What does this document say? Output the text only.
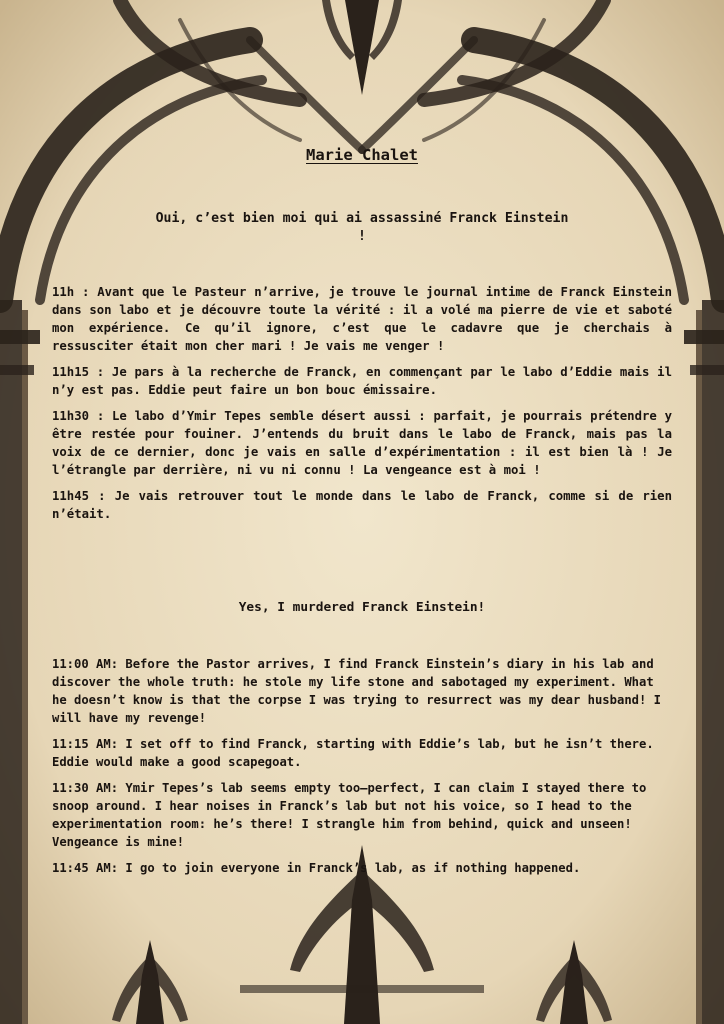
Marie Chalet

Oui, c’est bien moi qui ai assassiné Franck Einstein !

11h : Avant que le Pasteur n’arrive, je trouve le journal intime de Franck Einstein dans son labo et je découvre toute la vérité : il a volé ma pierre de vie et saboté mon expérience. Ce qu’il ignore, c’est que le cadavre que je cherchais à ressusciter était mon cher mari ! Je vais me venger !

11h15 : Je pars à la recherche de Franck, en commençant par le labo d’Eddie mais il n’y est pas. Eddie peut faire un bon bouc émissaire.

11h30 : Le labo d’Ymir Tepes semble désert aussi : parfait, je pourrais prétendre y être restée pour fouiner. J’entends du bruit dans le labo de Franck, mais pas la voix de ce dernier, donc je vais en salle d’expérimentation : il est bien là ! Je l’étrangle par derrière, ni vu ni connu ! La vengeance est à moi !

11h45 : Je vais retrouver tout le monde dans le labo de Franck, comme si de rien n’était.

Yes, I murdered Franck Einstein!

11:00 AM: Before the Pastor arrives, I find Franck Einstein’s diary in his lab and discover the whole truth: he stole my life stone and sabotaged my experiment. What he doesn’t know is that the corpse I was trying to resurrect was my dear husband! I will have my revenge!

11:15 AM: I set off to find Franck, starting with Eddie’s lab, but he isn’t there. Eddie would make a good scapegoat.

11:30 AM: Ymir Tepes’s lab seems empty too—perfect, I can claim I stayed there to snoop around. I hear noises in Franck’s lab but not his voice, so I head to the experimentation room: he’s there! I strangle him from behind, quick and unseen! Vengeance is mine!

11:45 AM: I go to join everyone in Franck’s lab, as if nothing happened.
